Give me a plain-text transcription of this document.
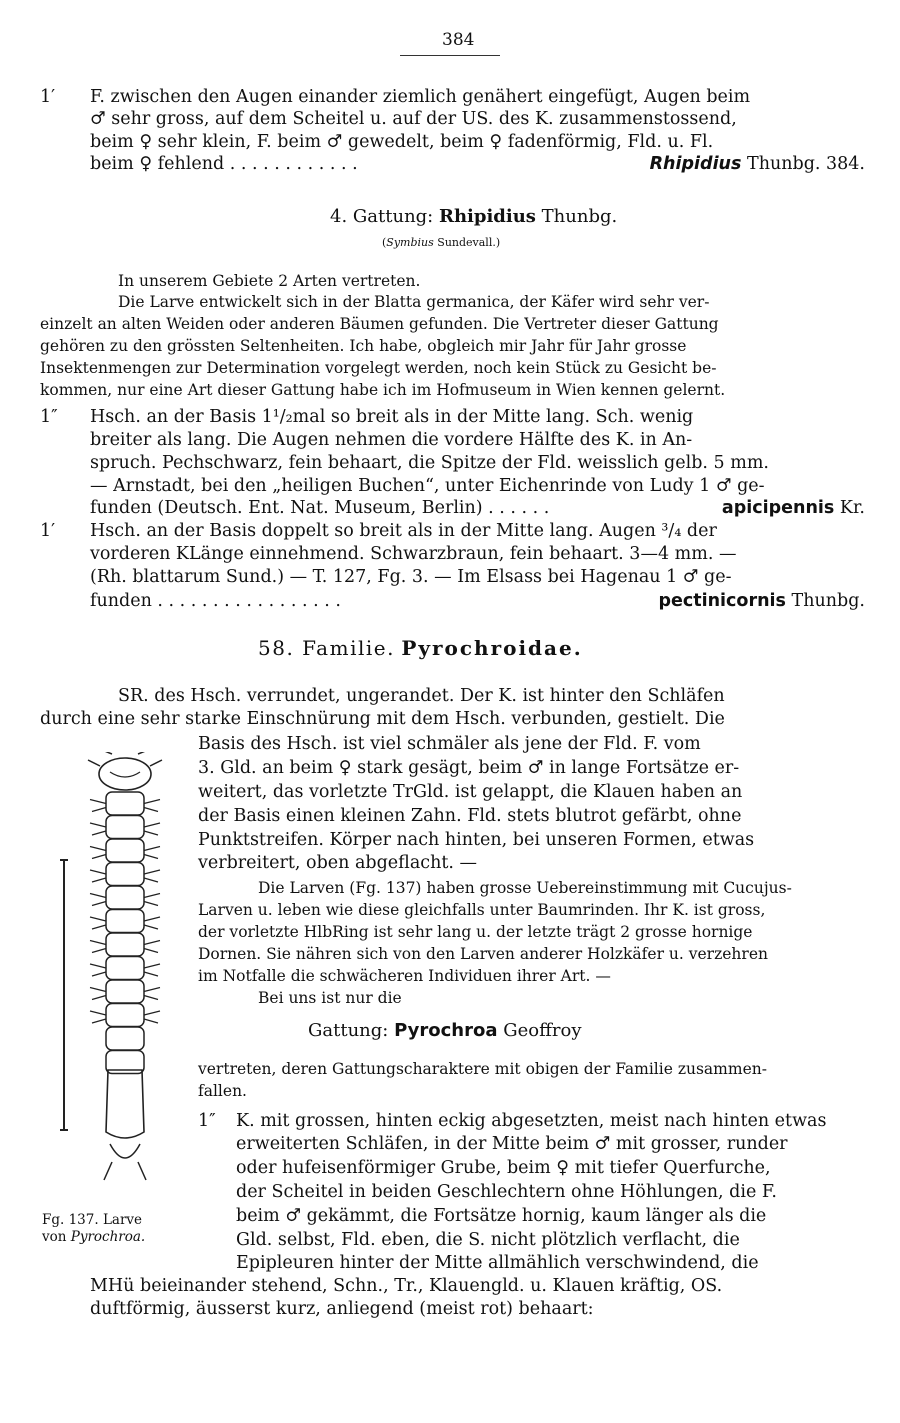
384
1′ F. zwischen den Augen einander ziemlich genähert eingefügt, Augen beim
♂ sehr gross, auf dem Scheitel u. auf der US. des K. zusammenstossend,
beim ♀ sehr klein, F. beim ♂ gewedelt, beim ♀ fadenförmig, Fld. u. Fl.
beim ♀ fehlend . . . . . . . . . . . .	Rhipidius Thunbg. 384.
4. Gattung: Rhipidius Thunbg.
(Symbius Sundevall.)
In unserem Gebiete 2 Arten vertreten.
Die Larve entwickelt sich in der Blatta germanica, der Käfer wird sehr ver-
einzelt an alten Weiden oder anderen Bäumen gefunden. Die Vertreter dieser Gattung
gehören zu den grössten Seltenheiten. Ich habe, obgleich mir Jahr für Jahr grosse
Insektenmengen zur Determination vorgelegt werden, noch kein Stück zu Gesicht be-
kommen, nur eine Art dieser Gattung habe ich im Hofmuseum in Wien kennen gelernt.
1″ Hsch. an der Basis 1¹/₂mal so breit als in der Mitte lang. Sch. wenig
breiter als lang. Die Augen nehmen die vordere Hälfte des K. in An-
spruch. Pechschwarz, fein behaart, die Spitze der Fld. weisslich gelb. 5 mm.
— Arnstadt, bei den „heiligen Buchen“, unter Eichenrinde von Ludy 1 ♂ ge-
funden (Deutsch. Ent. Nat. Museum, Berlin) . . . . . .	apicipennis Kr.
1′ Hsch. an der Basis doppelt so breit als in der Mitte lang. Augen ³/₄ der
vorderen KLänge einnehmend. Schwarzbraun, fein behaart. 3—4 mm. —
(Rh. blattarum Sund.) — T. 127, Fg. 3. — Im Elsass bei Hagenau 1 ♂ ge-
funden . . . . . . . . . . . . . . . . .	pectinicornis Thunbg.
58. Familie. Pyrochroidae.
SR. des Hsch. verrundet, ungerandet. Der K. ist hinter den Schläfen
durch eine sehr starke Einschnürung mit dem Hsch. verbunden, gestielt. Die
Basis des Hsch. ist viel schmäler als jene der Fld. F. vom
3. Gld. an beim ♀ stark gesägt, beim ♂ in lange Fortsätze er-
weitert, das vorletzte TrGld. ist gelappt, die Klauen haben an
der Basis einen kleinen Zahn. Fld. stets blutrot gefärbt, ohne
Punktstreifen. Körper nach hinten, bei unseren Formen, etwas
verbreitert, oben abgeflacht. —
Die Larven (Fg. 137) haben grosse Uebereinstimmung mit Cucujus-
Larven u. leben wie diese gleichfalls unter Baumrinden. Ihr K. ist gross,
der vorletzte HlbRing ist sehr lang u. der letzte trägt 2 grosse hornige
Dornen. Sie nähren sich von den Larven anderer Holzkäfer u. verzehren
im Notfalle die schwächeren Individuen ihrer Art. —
Bei uns ist nur die
Gattung: Pyrochroa Geoffroy
vertreten, deren Gattungscharaktere mit obigen der Familie zusammen-
fallen.
1″ K. mit grossen, hinten eckig abgesetzten, meist nach hinten etwas
erweiterten Schläfen, in der Mitte beim ♂ mit grosser, runder
oder hufeisenförmiger Grube, beim ♀ mit tiefer Querfurche,
der Scheitel in beiden Geschlechtern ohne Höhlungen, die F.
beim ♂ gekämmt, die Fortsätze hornig, kaum länger als die
Gld. selbst, Fld. eben, die S. nicht plötzlich verflacht, die
Epipleuren hinter der Mitte allmählich verschwindend, die
MHü beieinander stehend, Schn., Tr., Klauengld. u. Klauen kräftig, OS.
duftförmig, äusserst kurz, anliegend (meist rot) behaart:
Fg. 137. Larve
von Pyrochroa.
